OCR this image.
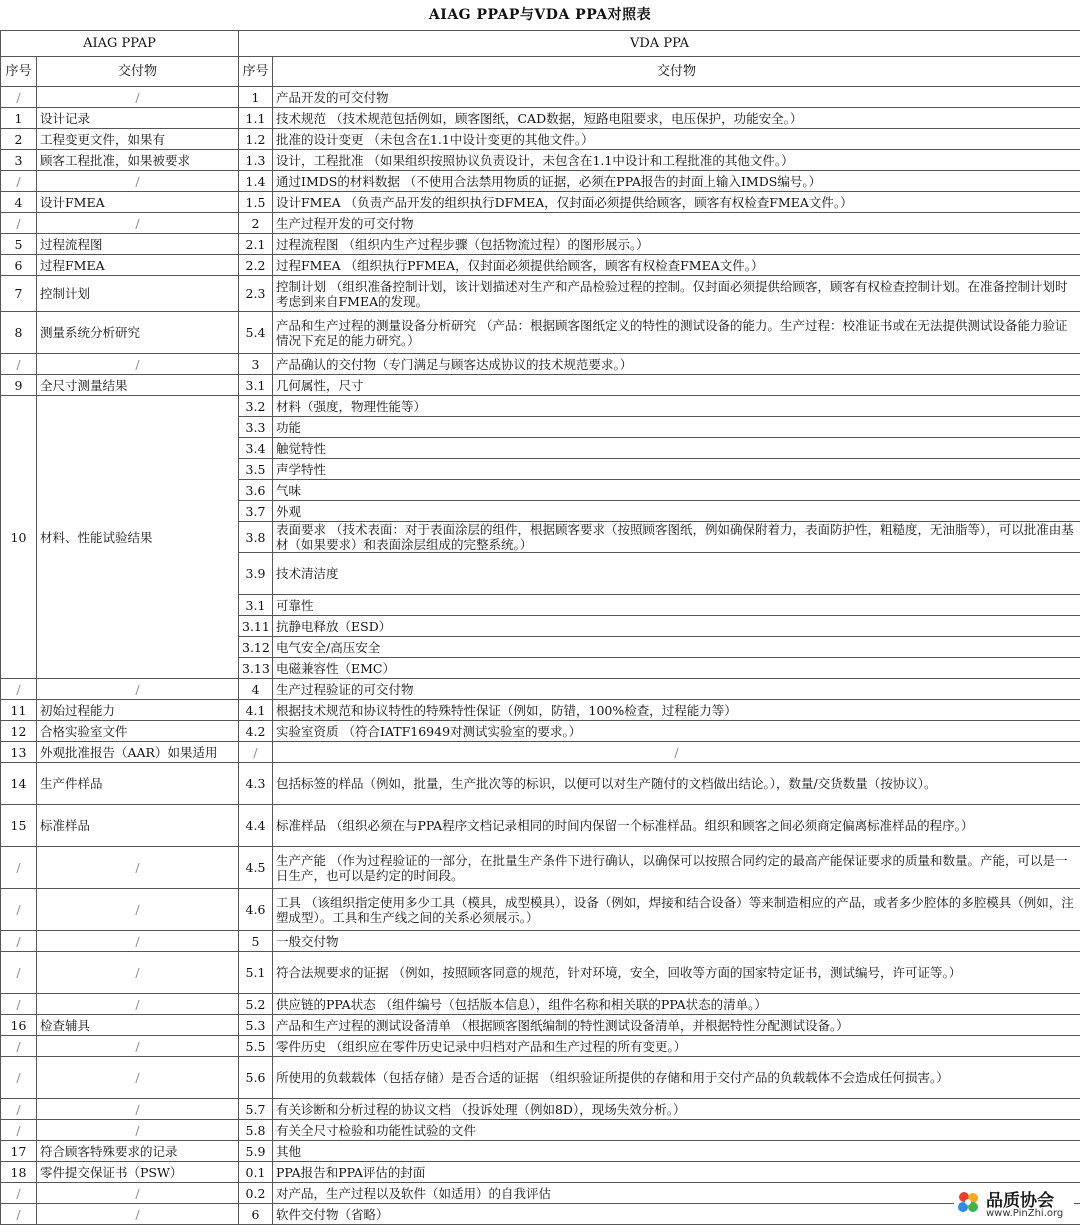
AIAG PPAP与VDA PPA对照表
AIAG PPAP		VDA PPA	
序号	交付物	序号	交付物
/	/	1	产品开发的可交付物
1	设计记录	1.1	技术规范 （技术规范包括例如，顾客图纸，CAD数据，短路电阻要求，电压保护，功能安全。）
2	工程变更文件，如果有	1.2	批准的设计变更 （未包含在1.1中设计变更的其他文件。）
3	顾客工程批准，如果被要求	1.3	设计，工程批准 （如果组织按照协议负责设计，未包含在1.1中设计和工程批准的其他文件。）
/	/	1.4	通过IMDS的材料数据 （不使用合法禁用物质的证据，必须在PPA报告的封面上输入IMDS编号。）
4	设计FMEA	1.5	设计FMEA （负责产品开发的组织执行DFMEA，仅封面必须提供给顾客，顾客有权检查FMEA文件。）
/	/	2	生产过程开发的可交付物
5	过程流程图	2.1	过程流程图 （组织内生产过程步骤（包括物流过程）的图形展示。）
6	过程FMEA	2.2	过程FMEA （组织执行PFMEA，仅封面必须提供给顾客，顾客有权检查FMEA文件。）
7	控制计划	2.3	控制计划 （组织准备控制计划，该计划描述对生产和产品检验过程的控制。仅封面必须提供给顾客，顾客有权检查控制计划。在准备控制计划时考虑到来自FMEA的发现。
8	测量系统分析研究	5.4	产品和生产过程的测量设备分析研究 （产品：根据顾客图纸定义的特性的测试设备的能力。生产过程：校准证书或在无法提供测试设备能力验证情况下充足的能力研究。）
/	/	3	产品确认的交付物（专门满足与顾客达成协议的技术规范要求。）
9	全尺寸测量结果	3.1	几何属性，尺寸
10	材料、性能试验结果	3.2	材料（强度，物理性能等）
		3.3	功能
		3.4	触觉特性
		3.5	声学特性
		3.6	气味
		3.7	外观
		3.8	表面要求 （技术表面：对于表面涂层的组件，根据顾客要求（按照顾客图纸，例如确保附着力，表面防护性，粗糙度，无油脂等），可以批准由基材（如果要求）和表面涂层组成的完整系统。）
		3.9	技术清洁度
		3.1	可靠性
		3.11	抗静电释放（ESD）
		3.12	电气安全/高压安全
		3.13	电磁兼容性（EMC）
/	/	4	生产过程验证的可交付物
11	初始过程能力	4.1	根据技术规范和协议特性的特殊特性保证（例如，防错，100%检查，过程能力等）
12	合格实验室文件	4.2	实验室资质 （符合IATF16949对测试实验室的要求。）
13	外观批准报告（AAR）如果适用	/	/
14	生产件样品	4.3	包括标签的样品（例如，批量，生产批次等的标识，以便可以对生产随付的文档做出结论。），数量/交货数量（按协议）。
15	标准样品	4.4	标准样品 （组织必须在与PPA程序文档记录相同的时间内保留一个标准样品。组织和顾客之间必须商定偏离标准样品的程序。）
/	/	4.5	生产产能 （作为过程验证的一部分，在批量生产条件下进行确认，以确保可以按照合同约定的最高产能保证要求的质量和数量。产能，可以是一日生产，也可以是约定的时间段。
/	/	4.6	工具 （该组织指定使用多少工具（模具，成型模具），设备（例如，焊接和结合设备）等来制造相应的产品，或者多少腔体的多腔模具（例如，注塑成型）。工具和生产线之间的关系必须展示。）
/	/	5	一般交付物
/	/	5.1	符合法规要求的证据 （例如，按照顾客同意的规范，针对环境，安全，回收等方面的国家特定证书，测试编号，许可证等。）
/	/	5.2	供应链的PPA状态 （组件编号（包括版本信息），组件名称和相关联的PPA状态的清单。）
16	检查辅具	5.3	产品和生产过程的测试设备清单 （根据顾客图纸编制的特性测试设备清单，并根据特性分配测试设备。）
/	/	5.5	零件历史 （组织应在零件历史记录中归档对产品和生产过程的所有变更。）
/	/	5.6	所使用的负载载体（包括存储）是否合适的证据 （组织验证所提供的存储和用于交付产品的负载载体不会造成任何损害。）
/	/	5.7	有关诊断和分析过程的协议文档 （投诉处理（例如8D），现场失效分析。）
/	/	5.8	有关全尺寸检验和功能性试验的文件
17	符合顾客特殊要求的记录	5.9	其他
18	零件提交保证书（PSW）	0.1	PPA报告和PPA评估的封面
/	/	0.2	对产品，生产过程以及软件（如适用）的自我评估
/	/	6	软件交付物（省略）
品质协会
www.PinZhi.org
